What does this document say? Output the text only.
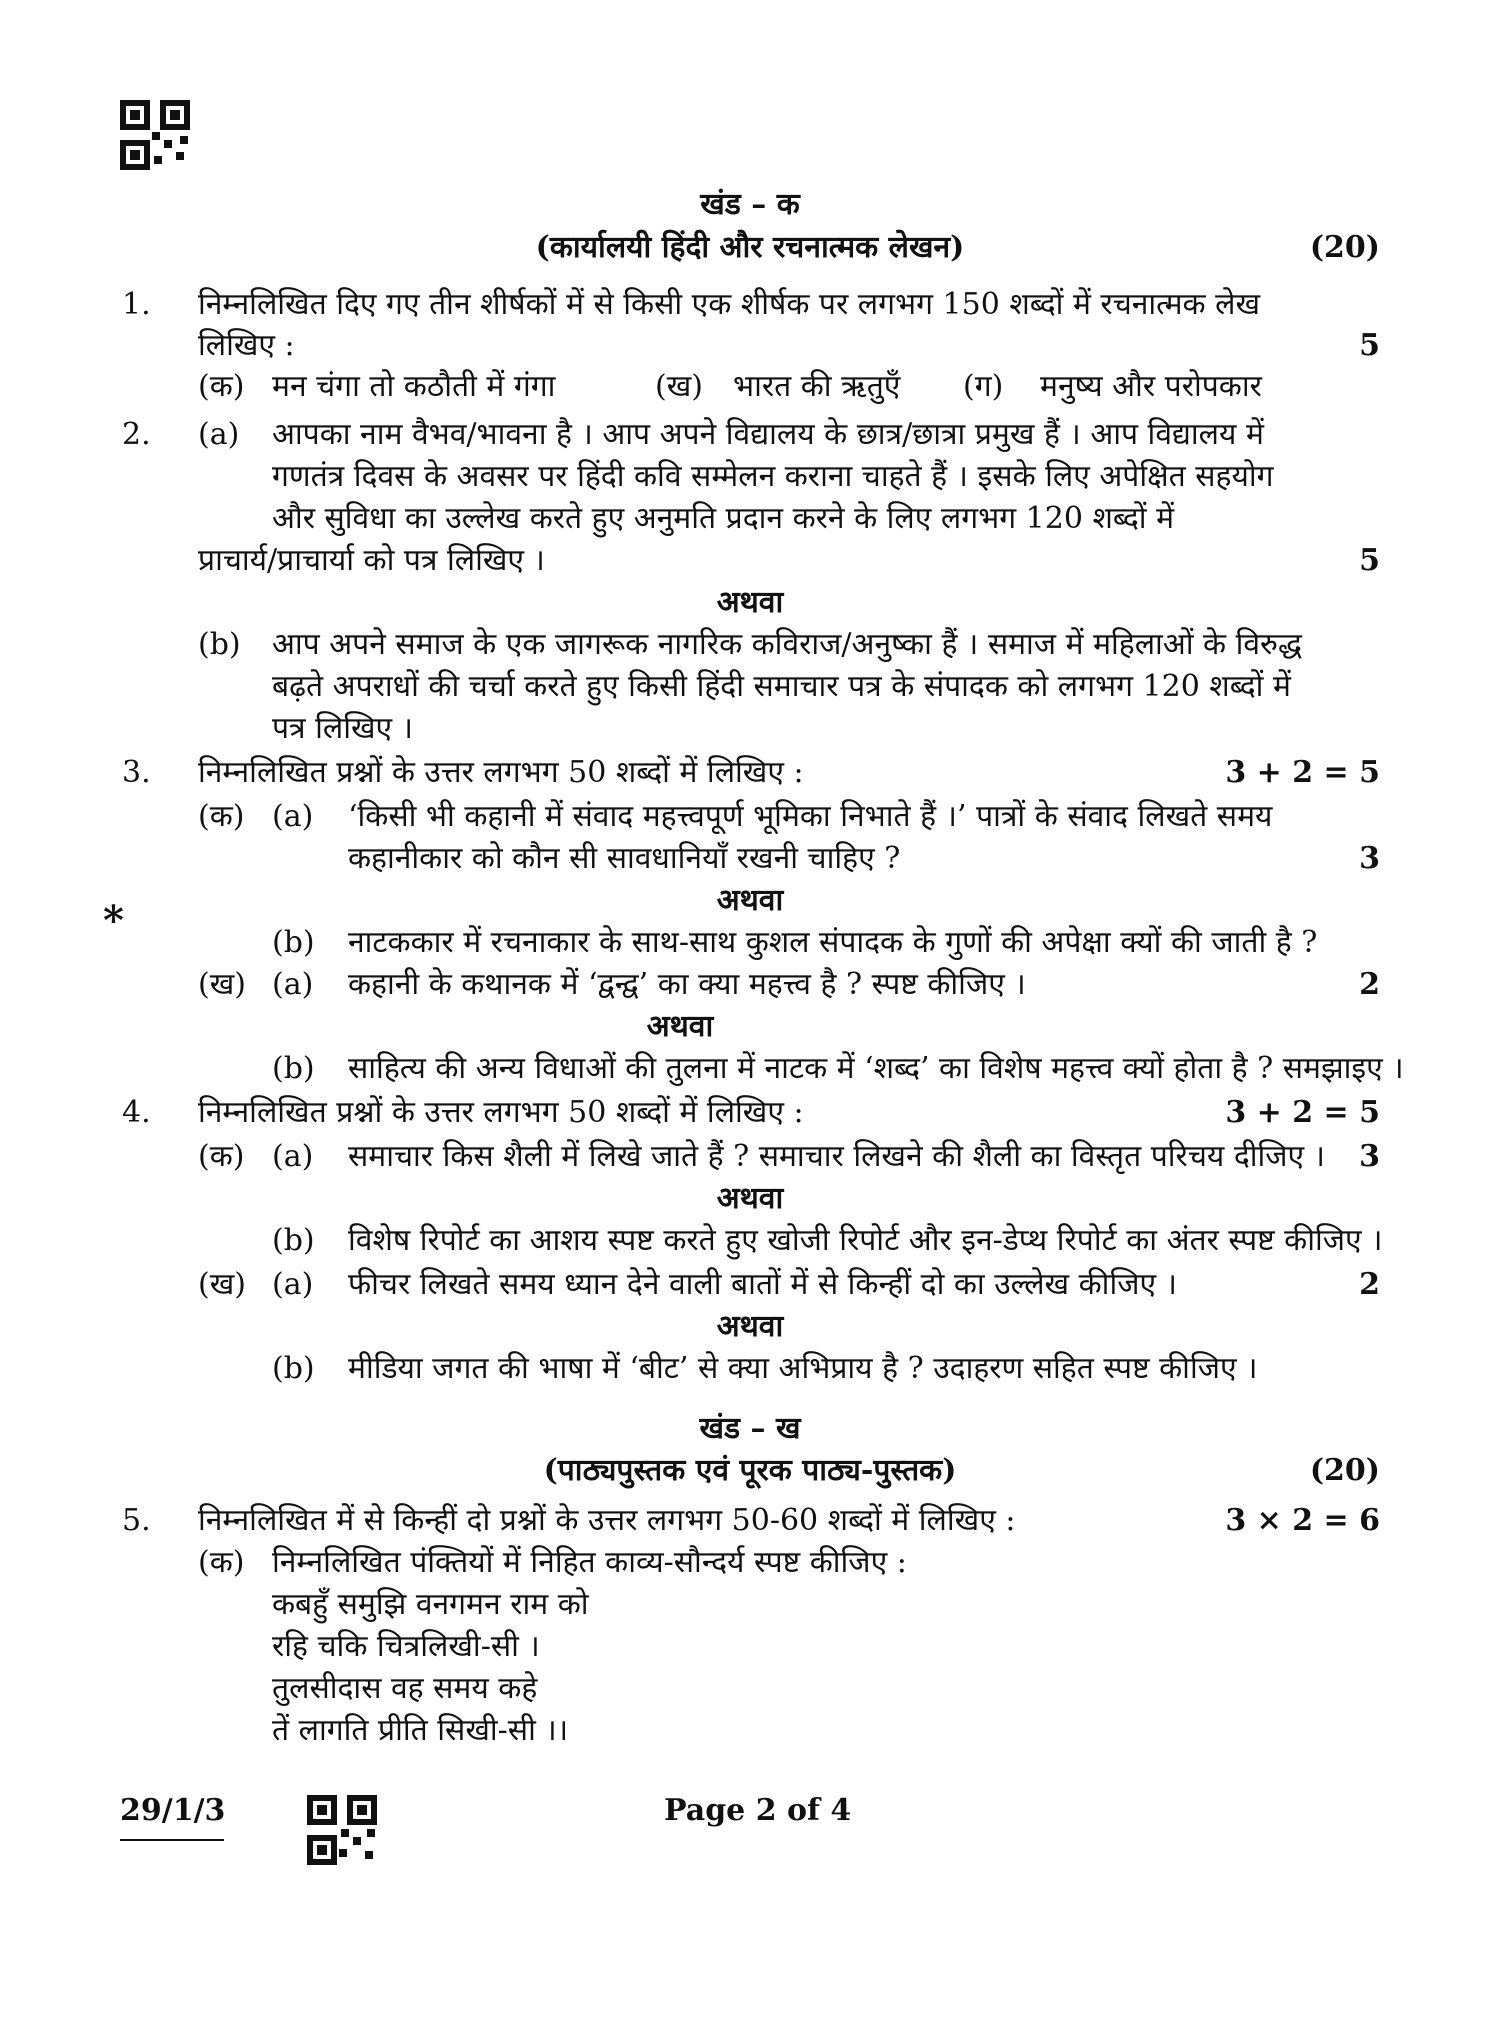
खंड – क
(कार्यालयी हिंदी और रचनात्मक लेखन)	(20)
1. निम्नलिखित दिए गए तीन शीर्षकों में से किसी एक शीर्षक पर लगभग 150 शब्दों में रचनात्मक लेख
लिखिए :	5
(क) मन चंगा तो कठौती में गंगा	(ख) भारत की ऋतुएँ (ग) मनुष्य और परोपकार
2. (a) आपका नाम वैभव/भावना है । आप अपने विद्यालय के छात्र/छात्रा प्रमुख हैं । आप विद्यालय में
गणतंत्र दिवस के अवसर पर हिंदी कवि सम्मेलन कराना चाहते हैं । इसके लिए अपेक्षित सहयोग
और सुविधा का उल्लेख करते हुए अनुमति प्रदान करने के लिए लगभग 120 शब्दों में
प्राचार्य/प्राचार्या को पत्र लिखिए ।	5
अथवा
(b) आप अपने समाज के एक जागरूक नागरिक कविराज/अनुष्का हैं । समाज में महिलाओं के विरुद्ध
बढ़ते अपराधों की चर्चा करते हुए किसी हिंदी समाचार पत्र के संपादक को लगभग 120 शब्दों में
पत्र लिखिए ।
3. निम्नलिखित प्रश्नों के उत्तर लगभग 50 शब्दों में लिखिए :	3 + 2 = 5
(क) (a) ‘किसी भी कहानी में संवाद महत्त्वपूर्ण भूमिका निभाते हैं ।’ पात्रों के संवाद लिखते समय
कहानीकार को कौन सी सावधानियाँ रखनी चाहिए ?	3
अथवा
*	(b) नाटककार में रचनाकार के साथ-साथ कुशल संपादक के गुणों की अपेक्षा क्यों की जाती है ?
(ख) (a) कहानी के कथानक में ‘द्वन्द्व’ का क्या महत्त्व है ? स्पष्ट कीजिए ।	2
अथवा
(b) साहित्य की अन्य विधाओं की तुलना में नाटक में ‘शब्द’ का विशेष महत्त्व क्यों होता है ? समझाइए ।
4. निम्नलिखित प्रश्नों के उत्तर लगभग 50 शब्दों में लिखिए :	3 + 2 = 5
(क) (a) समाचार किस शैली में लिखे जाते हैं ? समाचार लिखने की शैली का विस्तृत परिचय दीजिए ।	3
अथवा
(b) विशेष रिपोर्ट का आशय स्पष्ट करते हुए खोजी रिपोर्ट और इन-डेप्थ रिपोर्ट का अंतर स्पष्ट कीजिए ।
(ख) (a) फीचर लिखते समय ध्यान देने वाली बातों में से किन्हीं दो का उल्लेख कीजिए ।	2
अथवा
(b) मीडिया जगत की भाषा में ‘बीट’ से क्या अभिप्राय है ? उदाहरण सहित स्पष्ट कीजिए ।
खंड – ख
(पाठ्यपुस्तक एवं पूरक पाठ्य-पुस्तक)	(20)
5. निम्नलिखित में से किन्हीं दो प्रश्नों के उत्तर लगभग 50-60 शब्दों में लिखिए :	3 × 2 = 6
(क) निम्नलिखित पंक्तियों में निहित काव्य-सौन्दर्य स्पष्ट कीजिए :
कबहुँ समुझि वनगमन राम को
रहि चकि चित्रलिखी-सी ।
तुलसीदास वह समय कहे
तें लागति प्रीति सिखी-सी ।।
29/1/3	Page 2 of 4
